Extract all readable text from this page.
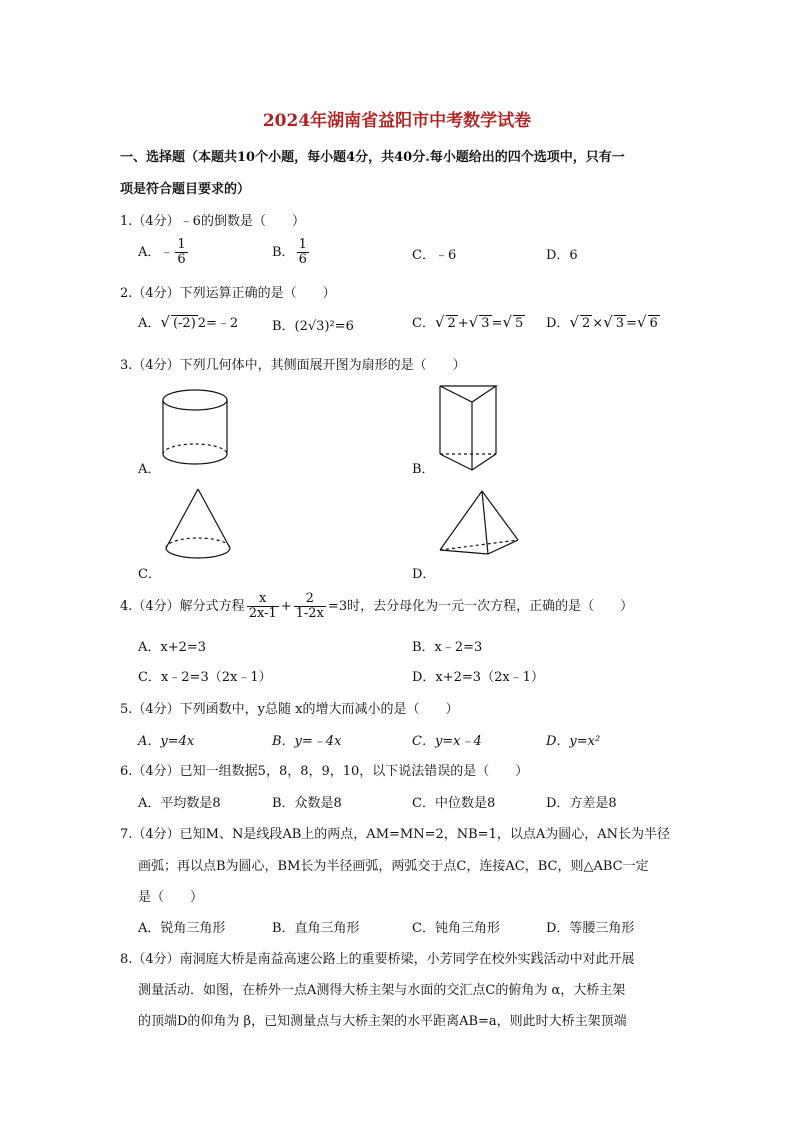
2024年湖南省益阳市中考数学试卷
一、选择题（本题共10个小题，每小题4分，共40分.每小题给出的四个选项中，只有一
项是符合题目要求的）
1.（4分）﹣6的倒数是（　　）
A．﹣ $\frac{1}{6}$	B． $\frac{1}{6}$	C．﹣6	D．6
2.（4分）下列运算正确的是（　　）
A．√ (-2) 2=﹣2	B．(2√3)²=6	C．√ 2 +√ 3 =√ 5 D．√ 2 ×√ 3 =√ 6
3.（4分）下列几何体中，其侧面展开图为扇形的是（　　）
A．	B．
C．	D．
4.（4分）解分式方程 $\frac{x}{2x-1} + \frac{2}{1-2x} =3$时，去分母化为一元一次方程，正确的是（　　）
A．x+2=3	B．x﹣2=3
C．x﹣2=3（2x﹣1）	D．x+2=3（2x﹣1）
5.（4分）下列函数中，y总随 x的增大而减小的是（　　）
A．y=4x	B．y=﹣4x	C．y=x﹣4	D．y=x²
6.（4分）已知一组数据5，8，8，9，10，以下说法错误的是（　　）
A．平均数是8	B．众数是8	C．中位数是8	D．方差是8
7.（4分）已知M、N是线段AB上的两点，AM=MN=2，NB=1，以点A为圆心，AN长为半径
画弧；再以点B为圆心，BM长为半径画弧，两弧交于点C，连接AC，BC，则△ABC一定
是（　　）
A．锐角三角形	B．直角三角形	C．钝角三角形	D．等腰三角形
8.（4分）南洞庭大桥是南益高速公路上的重要桥梁，小芳同学在校外实践活动中对此开展
测量活动．如图，在桥外一点A测得大桥主架与水面的交汇点C的俯角为 α，大桥主架
的顶端D的仰角为 β，已知测量点与大桥主架的水平距离AB=a，则此时大桥主架顶端
